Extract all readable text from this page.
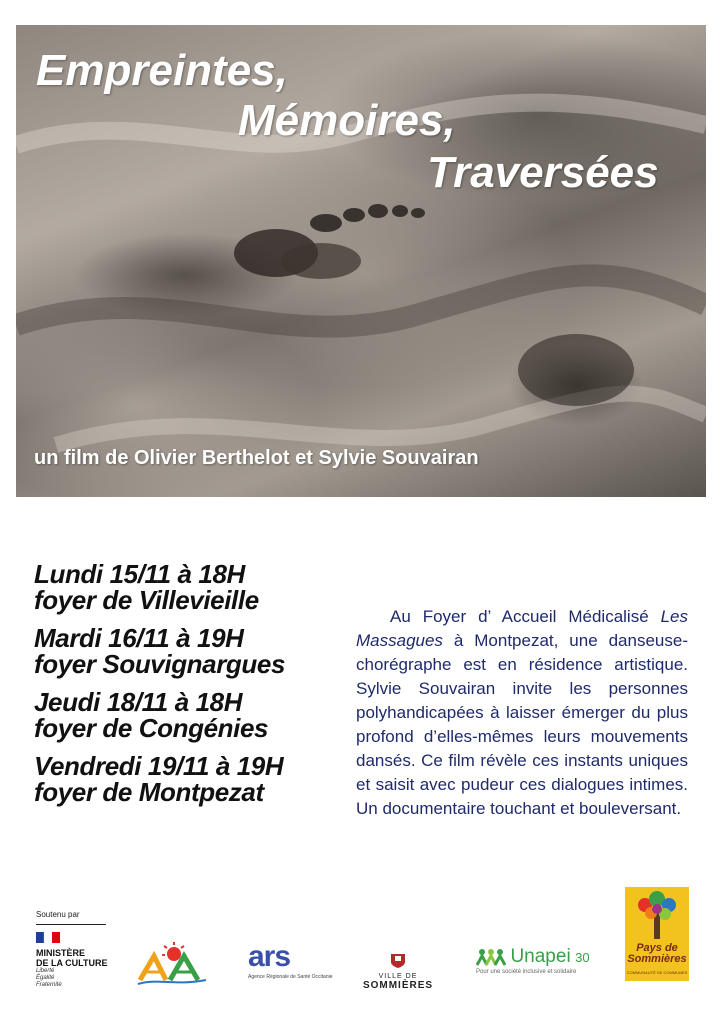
Empreintes,
Mémoires,
Traversées
un film de Olivier Berthelot et Sylvie Souvairan
Lundi 15/11 à 18H
foyer de Villevieille
Mardi 16/11 à 19H
foyer Souvignargues
Jeudi 18/11 à 18H
foyer de Congénies
Vendredi 19/11 à 19H
foyer de Montpezat

Au Foyer d’ Accueil Médicalisé Les Massagues à Montpezat, une danseuse-chorégraphe est en résidence artistique. Sylvie Souvairan invite les personnes polyhandicapées à laisser émerger du plus profond d’elles-mêmes leurs mouvements dansés. Ce film révèle ces instants uniques et saisit avec pudeur ces dialogues intimes. Un documentaire touchant et bouleversant.

Soutenu par
MINISTÈRE
DE LA CULTURE
Liberté
Égalité
Fraternité
ars
Agence Régionale de Santé Occitanie	VILLE DE
SOMMIÈRES
Unapei 30
Pour une société inclusive et solidaire
Pays de
Sommières
COMMUNAUTÉ DE COMMUNES
